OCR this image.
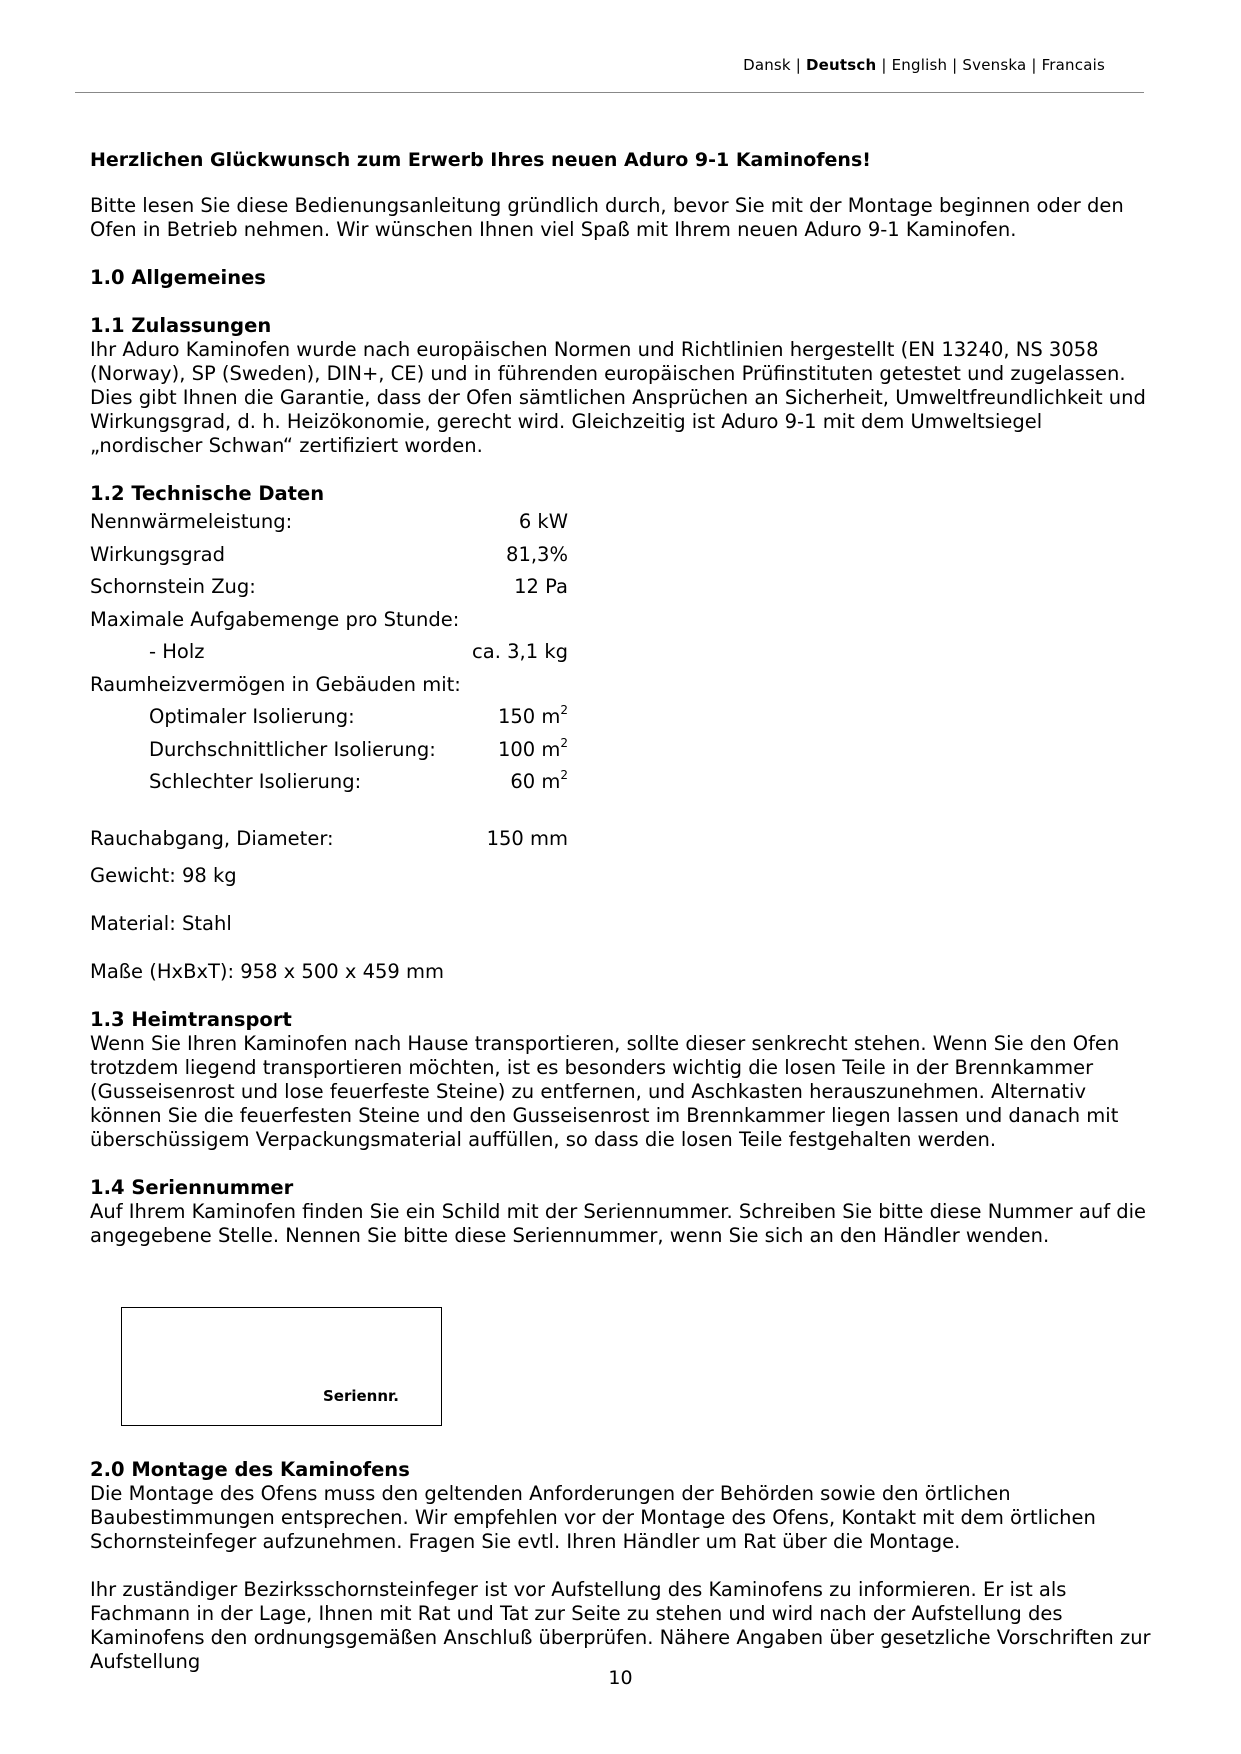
Dansk | Deutsch | English | Svenska | Francais

Herzlichen Glückwunsch zum Erwerb Ihres neuen Aduro 9-1 Kaminofens!

Bitte lesen Sie diese Bedienungsanleitung gründlich durch, bevor Sie mit der Montage beginnen oder den Ofen in Betrieb nehmen. Wir wünschen Ihnen viel Spaß mit Ihrem neuen Aduro 9-1 Kaminofen.

1.0 Allgemeines

1.1 Zulassungen

Ihr Aduro Kaminofen wurde nach europäischen Normen und Richtlinien hergestellt (EN 13240, NS 3058 (Norway), SP (Sweden), DIN+, CE) und in führenden europäischen Prüfinstituten getestet und zugelassen. Dies gibt Ihnen die Garantie, dass der Ofen sämtlichen Ansprüchen an Sicherheit, Umweltfreundlichkeit und Wirkungsgrad, d. h. Heizökonomie, gerecht wird. Gleichzeitig ist Aduro 9-1 mit dem Umweltsiegel „nordischer Schwan“ zertifiziert worden.

1.2 Technische Daten

Nennwärmeleistung:	6 kW
Wirkungsgrad	81,3%
Schornstein Zug:	12 Pa
Maximale Aufgabemenge pro Stunde:
- Holz	ca. 3,1 kg
Raumheizvermögen in Gebäuden mit:
Optimaler Isolierung:	150 $m^2$
Durchschnittlicher Isolierung:	100 $m^2$
Schlechter Isolierung:	60 $m^2$
Rauchabgang, Diameter:	150 mm

Gewicht: 98 kg

Material: Stahl

Maße (HxBxT): 958 x 500 x 459 mm

1.3 Heimtransport

Wenn Sie Ihren Kaminofen nach Hause transportieren, sollte dieser senkrecht stehen. Wenn Sie den Ofen trotzdem liegend transportieren möchten, ist es besonders wichtig die losen Teile in der Brennkammer (Gusseisenrost und lose feuerfeste Steine) zu entfernen, und Aschkasten herauszunehmen. Alternativ können Sie die feuerfesten Steine und den Gusseisenrost im Brennkammer liegen lassen und danach mit überschüssigem Verpackungsmaterial auffüllen, so dass die losen Teile festgehalten werden.

1.4 Seriennummer

Auf Ihrem Kaminofen finden Sie ein Schild mit der Seriennummer. Schreiben Sie bitte diese Nummer auf die angegebene Stelle. Nennen Sie bitte diese Seriennummer, wenn Sie sich an den Händler wenden.

Seriennr.

2.0 Montage des Kaminofens

Die Montage des Ofens muss den geltenden Anforderungen der Behörden sowie den örtlichen Baubestimmungen entsprechen. Wir empfehlen vor der Montage des Ofens, Kontakt mit dem örtlichen Schornsteinfeger aufzunehmen. Fragen Sie evtl. Ihren Händler um Rat über die Montage.

Ihr zuständiger Bezirksschornsteinfeger ist vor Aufstellung des Kaminofens zu informieren. Er ist als Fachmann in der Lage, Ihnen mit Rat und Tat zur Seite zu stehen und wird nach der Aufstellung des Kaminofens den ordnungsgemäßen Anschluß überprüfen. Nähere Angaben über gesetzliche Vorschriften zur Aufstellung

10
